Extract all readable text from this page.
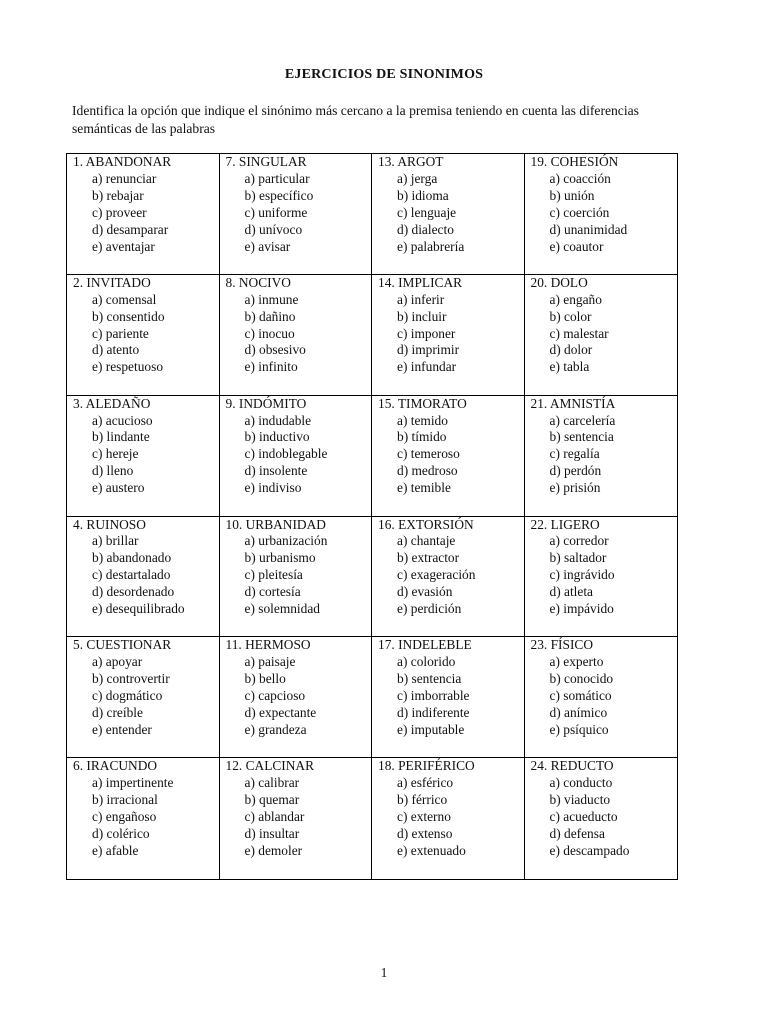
EJERCICIOS DE SINONIMOS
Identifica la opción que indique el sinónimo más cercano a la premisa teniendo en cuenta las diferencias semánticas de las palabras
1. ABANDONAR
a) renunciar
b) rebajar
c) proveer
d) desamparar
e) aventajar
7. SINGULAR
a) particular
b) específico
c) uniforme
d) unívoco
e) avisar
13. ARGOT
a) jerga
b) idioma
c) lenguaje
d) dialecto
e) palabrería
19. COHESIÓN
a) coacción
b) unión
c) coerción
d) unanimidad
e) coautor
2. INVITADO
a) comensal
b) consentido
c) pariente
d) atento
e) respetuoso
8. NOCIVO
a) inmune
b) dañino
c) inocuo
d) obsesivo
e) infinito
14. IMPLICAR
a) inferir
b) incluir
c) imponer
d) imprimir
e) infundar
20. DOLO
a) engaño
b) color
c) malestar
d) dolor
e) tabla
3. ALEDAÑO
a) acucioso
b) lindante
c) hereje
d) lleno
e) austero
9. INDÓMITO
a) indudable
b) inductivo
c) indoblegable
d) insolente
e) indiviso
15. TIMORATO
a) temido
b) tímido
c) temeroso
d) medroso
e) temible
21. AMNISTÍA
a) carcelería
b) sentencia
c) regalía
d) perdón
e) prisión
4. RUINOSO
a) brillar
b) abandonado
c) destartalado
d) desordenado
e) desequilibrado
10. URBANIDAD
a) urbanización
b) urbanismo
c) pleitesía
d) cortesía
e) solemnidad
16. EXTORSIÓN
a) chantaje
b) extractor
c) exageración
d) evasión
e) perdición
22. LIGERO
a) corredor
b) saltador
c) ingrávido
d) atleta
e) impávido
5. CUESTIONAR
a) apoyar
b) controvertir
c) dogmático
d) creíble
e) entender
11. HERMOSO
a) paisaje
b) bello
c) capcioso
d) expectante
e) grandeza
17. INDELEBLE
a) colorido
b) sentencia
c) imborrable
d) indiferente
e) imputable
23. FÍSICO
a) experto
b) conocido
c) somático
d) anímico
e) psíquico
6. IRACUNDO
a) impertinente
b) irracional
c) engañoso
d) colérico
e) afable
12. CALCINAR
a) calibrar
b) quemar
c) ablandar
d) insultar
e) demoler
18. PERIFÉRICO
a) esférico
b) férrico
c) externo
d) extenso
e) extenuado
24. REDUCTO
a) conducto
b) viaducto
c) acueducto
d) defensa
e) descampado
1
